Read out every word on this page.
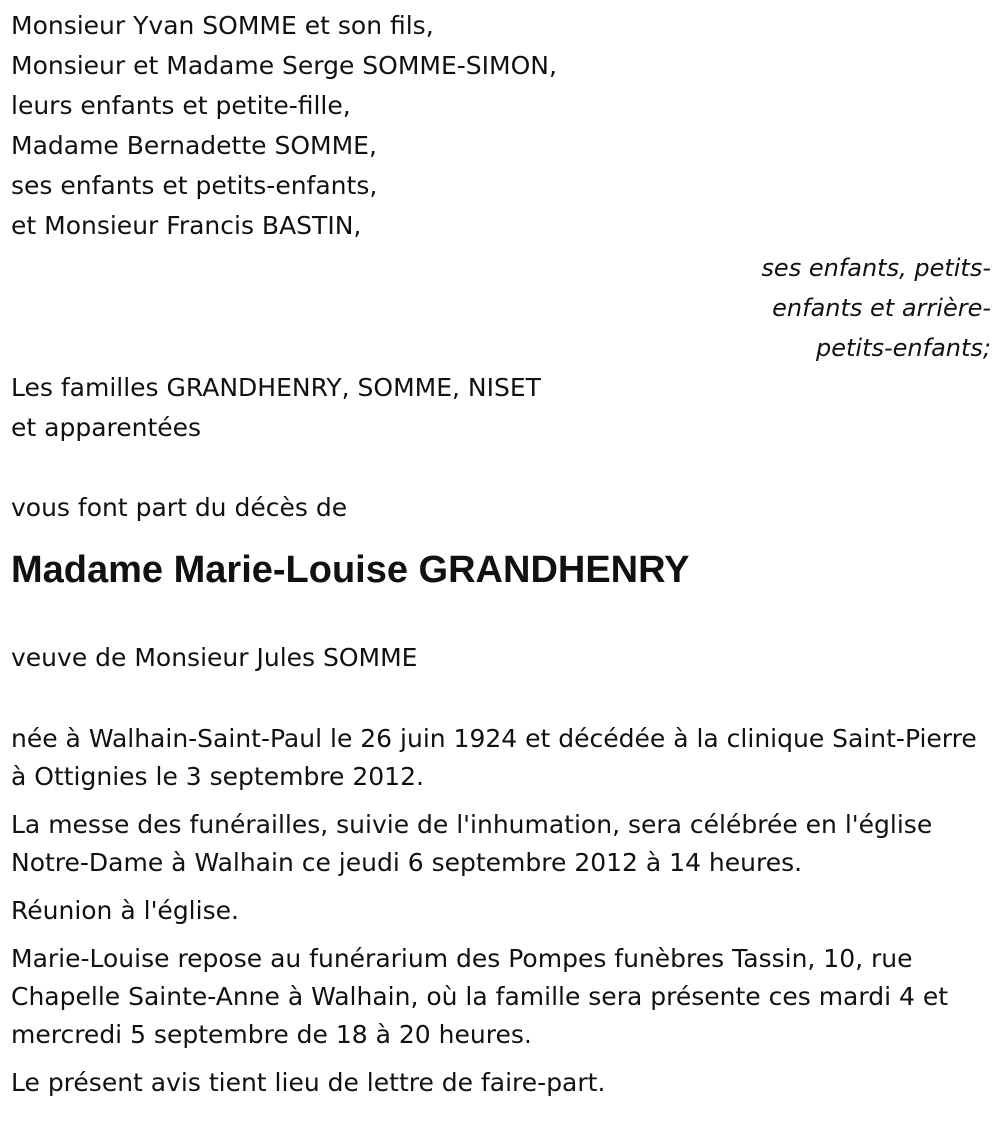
Monsieur Yvan SOMME et son fils,
Monsieur et Madame Serge SOMME-SIMON,
leurs enfants et petite-fille,
Madame Bernadette SOMME,
ses enfants et petits-enfants,
et Monsieur Francis BASTIN,
ses enfants, petits-
enfants et arrière-
petits-enfants;
Les familles GRANDHENRY, SOMME, NISET
et apparentées
vous font part du décès de
Madame Marie-Louise GRANDHENRY
veuve de Monsieur Jules SOMME

née à Walhain-Saint-Paul le 26 juin 1924 et décédée à la clinique Saint-Pierre à Ottignies le 3 septembre 2012.

La messe des funérailles, suivie de l'inhumation, sera célébrée en l'église Notre-Dame à Walhain ce jeudi 6 septembre 2012 à 14 heures.

Réunion à l'église.

Marie-Louise repose au funérarium des Pompes funèbres Tassin, 10, rue Chapelle Sainte-Anne à Walhain, où la famille sera présente ces mardi 4 et mercredi 5 septembre de 18 à 20 heures.

Le présent avis tient lieu de lettre de faire-part.
